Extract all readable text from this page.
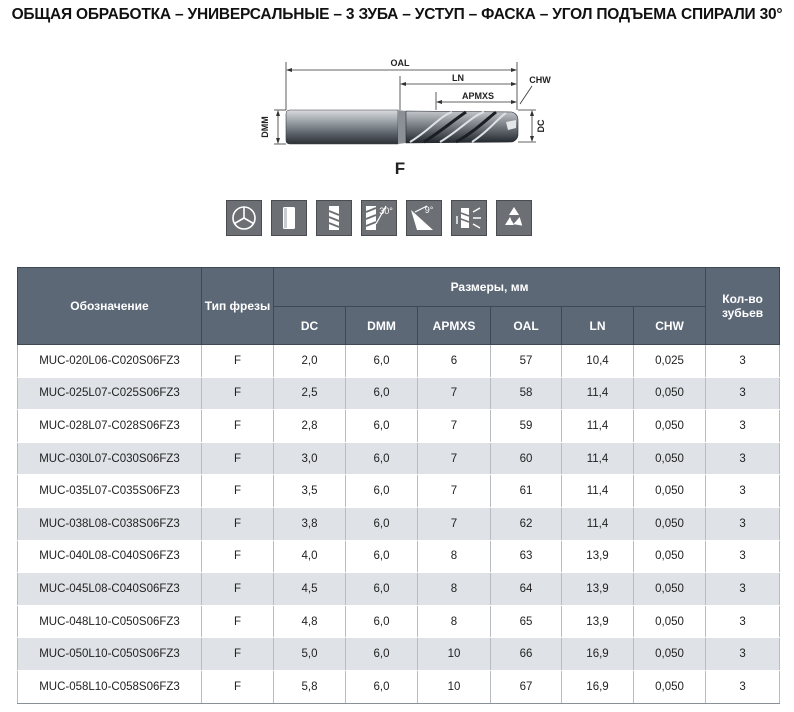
ОБЩАЯ ОБРАБОТКА – УНИВЕРСАЛЬНЫЕ – 3 ЗУБА – УСТУП – ФАСКА – УГОЛ ПОДЪЕМА СПИРАЛИ 30°
OAL
LN
APMXS
CHW
DMM	DC
F
30°	9°
Обозначение	Тип фрезы	Размеры, мм						Кол-во зубьев
		DC	DMM	APMXS	OAL	LN	CHW	
MUC-020L06-C020S06FZ3	F	2,0	6,0	6	57	10,4	0,025	3
MUC-025L07-C025S06FZ3	F	2,5	6,0	7	58	11,4	0,050	3
MUC-028L07-C028S06FZ3	F	2,8	6,0	7	59	11,4	0,050	3
MUC-030L07-C030S06FZ3	F	3,0	6,0	7	60	11,4	0,050	3
MUC-035L07-C035S06FZ3	F	3,5	6,0	7	61	11,4	0,050	3
MUC-038L08-C038S06FZ3	F	3,8	6,0	7	62	11,4	0,050	3
MUC-040L08-C040S06FZ3	F	4,0	6,0	8	63	13,9	0,050	3
MUC-045L08-C040S06FZ3	F	4,5	6,0	8	64	13,9	0,050	3
MUC-048L10-C050S06FZ3	F	4,8	6,0	8	65	13,9	0,050	3
MUC-050L10-C050S06FZ3	F	5,0	6,0	10	66	16,9	0,050	3
MUC-058L10-C058S06FZ3	F	5,8	6,0	10	67	16,9	0,050	3
